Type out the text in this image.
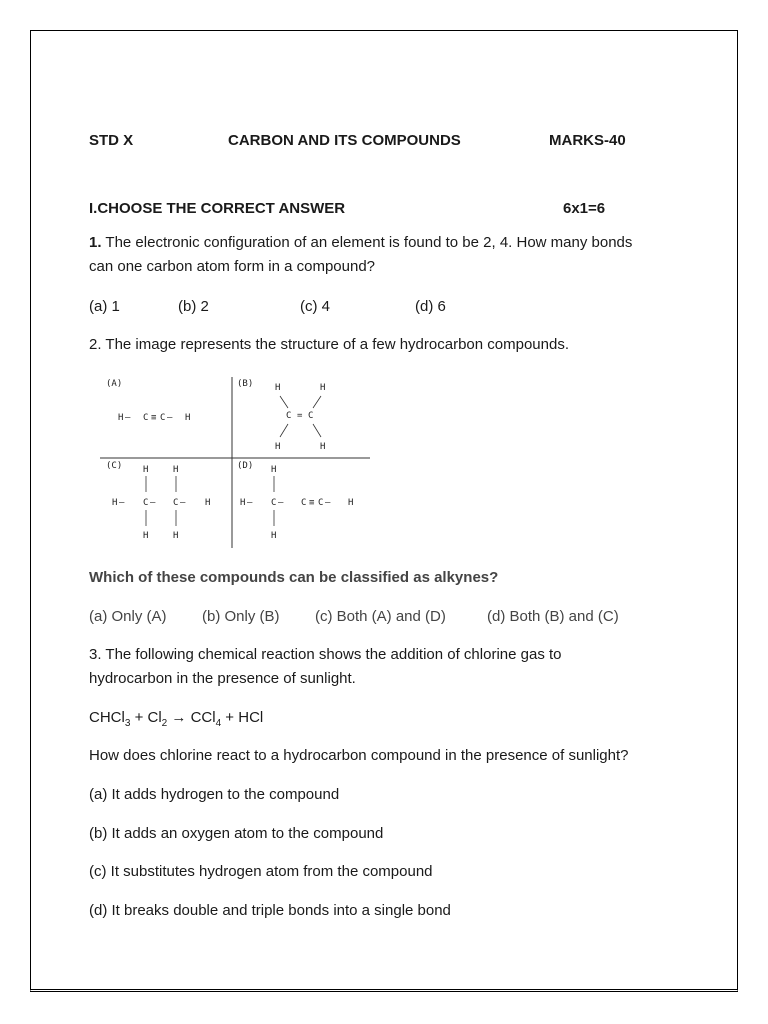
STD X	CARBON AND ITS COMPOUNDS	MARKS-40
I.CHOOSE THE CORRECT ANSWER	6x1=6
1. The electronic configuration of an element is found to be 2, 4. How many bonds
can one carbon atom form in a compound?
(a) 1	(b) 2	(c) 4	(d) 6
2. The image represents the structure of a few hydrocarbon compounds.
(A)	(B)
(C)	(D)
H — C ≡ C — H
H	H
C = C
H	H
H	H
H — C — C — H
H	H
H
H — C — C ≡ C — H
H
Which of these compounds can be classified as alkynes?
(a) Only (A) (b) Only (B) (c) Both (A) and (D)	(d) Both (B) and (C)
3. The following chemical reaction shows the addition of chlorine gas to
hydrocarbon in the presence of sunlight.
CHCl$_3$ + $Cl_2 \to CCl_4$ + HCl
How does chlorine react to a hydrocarbon compound in the presence of sunlight?
(a) It adds hydrogen to the compound
(b) It adds an oxygen atom to the compound
(c) It substitutes hydrogen atom from the compound
(d) It breaks double and triple bonds into a single bond
